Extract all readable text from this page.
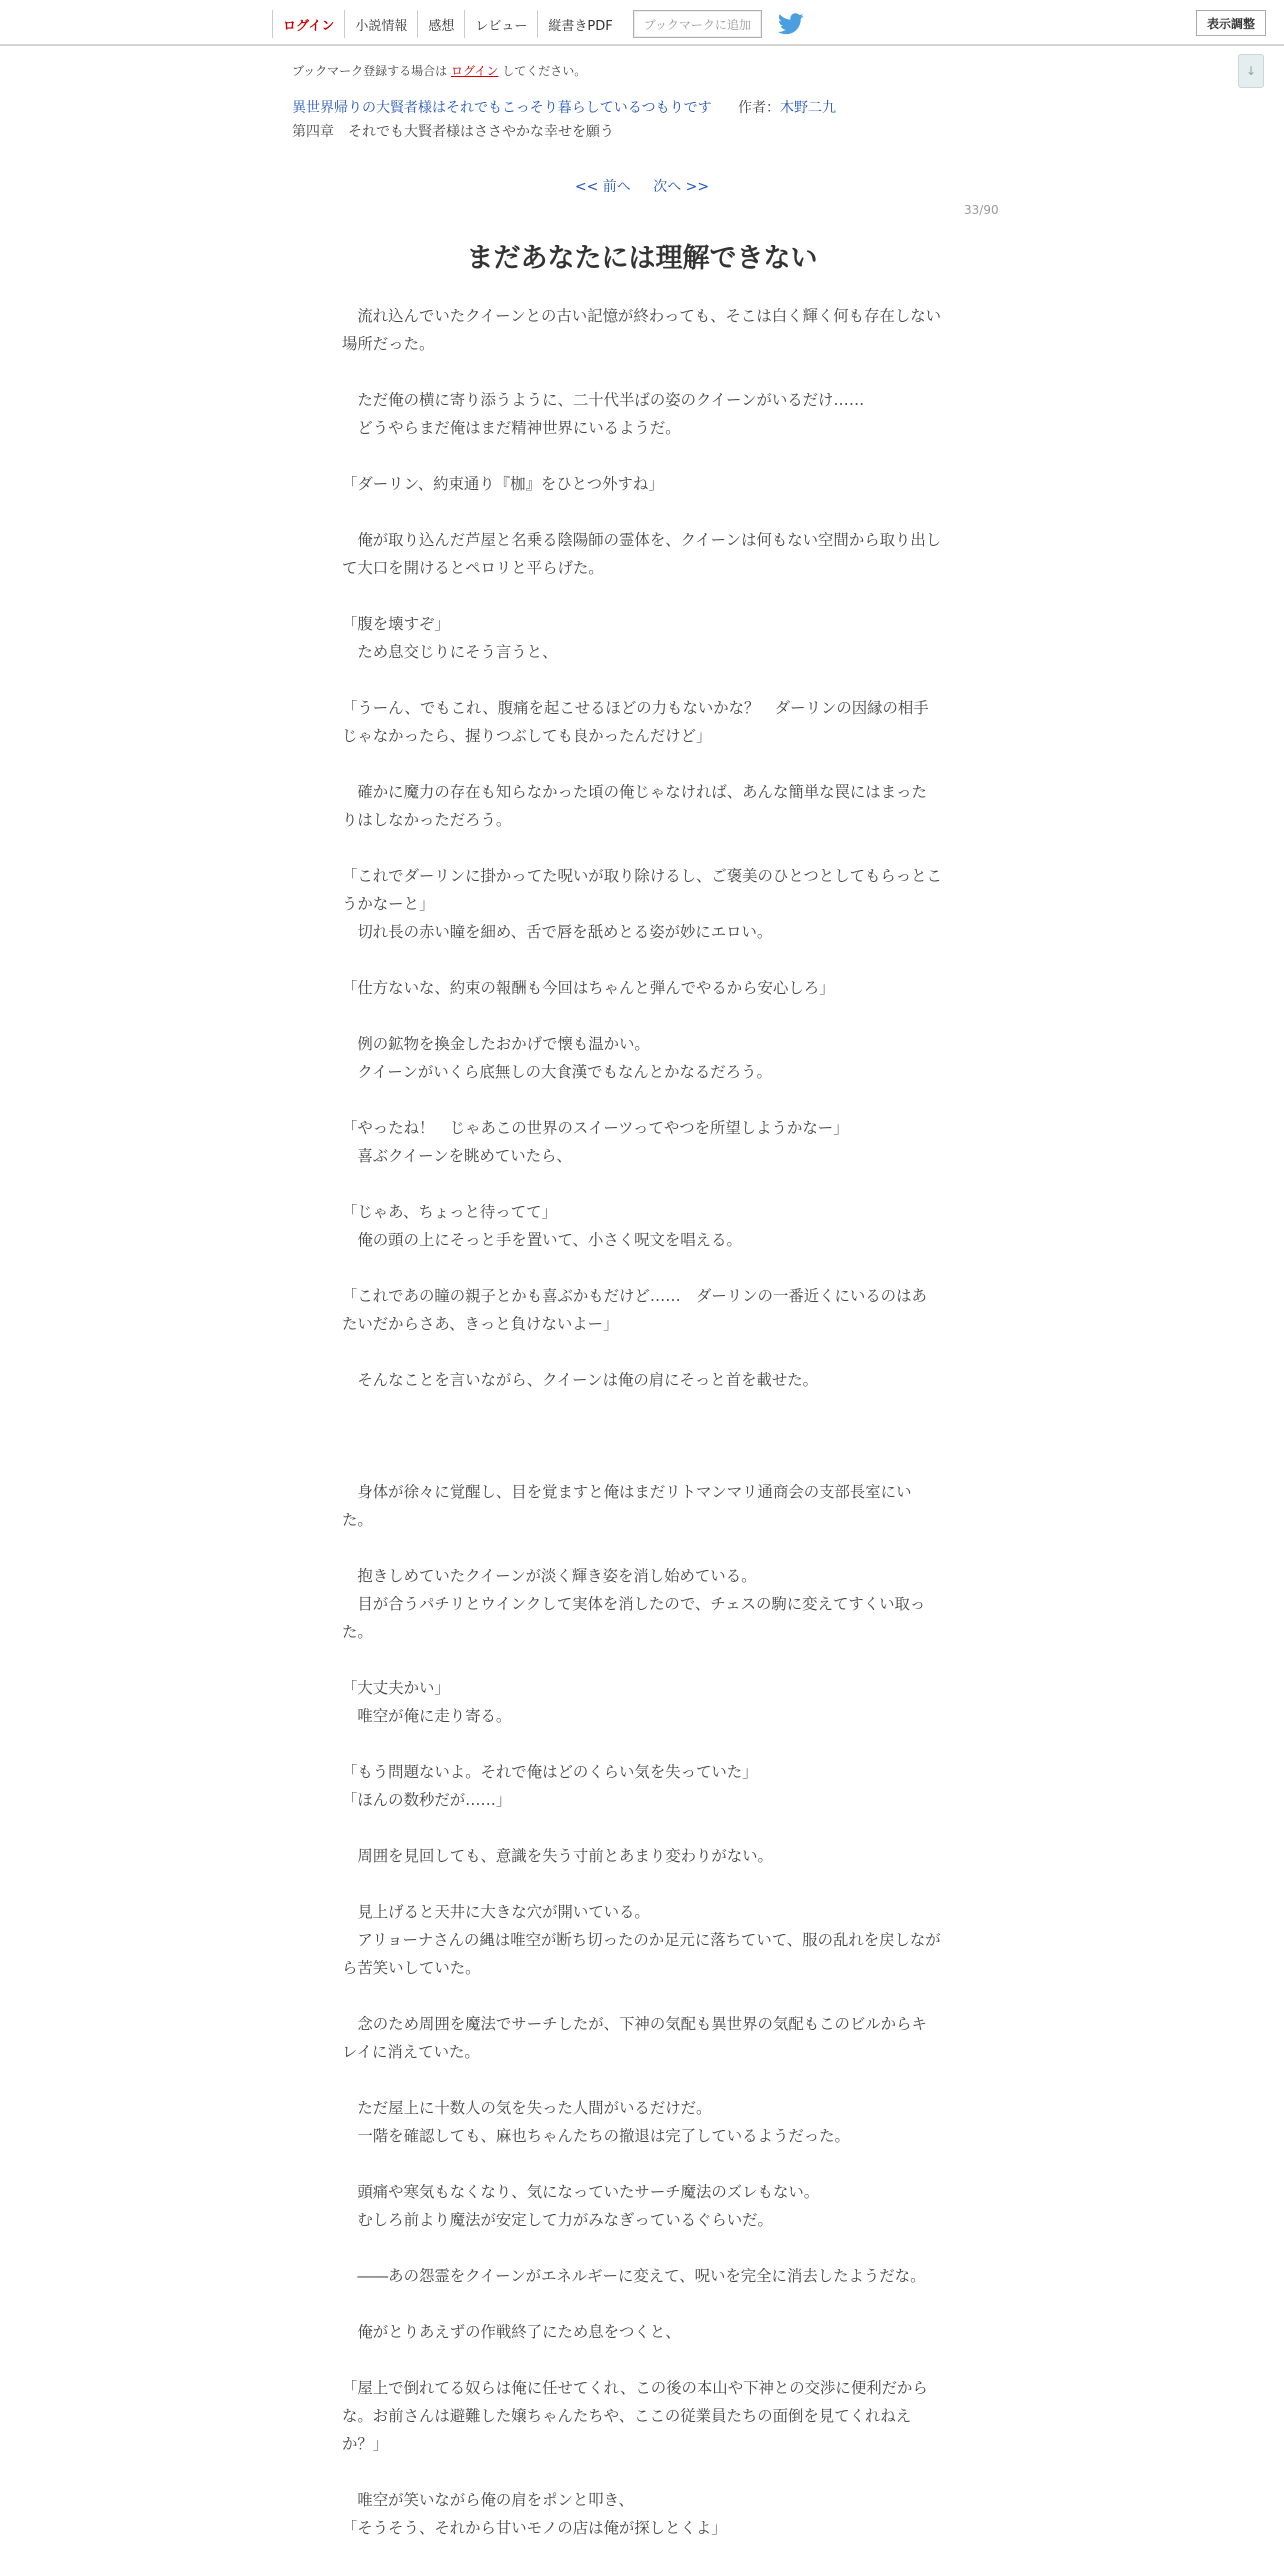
ログイン	小説情報	感想	レビュー	縦書きPDF	ブックマークに追加	表示調整
↓
ブックマーク登録する場合は ログイン してください。
異世界帰りの大賢者様はそれでもこっそり暮らしているつもりです 作者：木野二九
第四章　それでも大賢者様はささやかな幸せを願う
<< 前へ 次へ >>
33/90
まだあなたには理解できない

　流れ込んでいたクイーンとの古い記憶が終わっても、そこは白く輝く何も存在しない場所だった。

　ただ俺の横に寄り添うように、二十代半ばの姿のクイーンがいるだけ……

　どうやらまだ俺はまだ精神世界にいるようだ。

「ダーリン、約束通り『枷』をひとつ外すね」

　俺が取り込んだ芦屋と名乗る陰陽師の霊体を、クイーンは何もない空間から取り出して大口を開けるとペロリと平らげた。

「腹を壊すぞ」

　ため息交じりにそう言うと、

「うーん、でもこれ、腹痛を起こせるほどの力もないかな？　ダーリンの因縁の相手じゃなかったら、握りつぶしても良かったんだけど」

　確かに魔力の存在も知らなかった頃の俺じゃなければ、あんな簡単な罠にはまったりはしなかっただろう。

「これでダーリンに掛かってた呪いが取り除けるし、ご褒美のひとつとしてもらっとこうかなーと」

　切れ長の赤い瞳を細め、舌で唇を舐めとる姿が妙にエロい。

「仕方ないな、約束の報酬も今回はちゃんと弾んでやるから安心しろ」

　例の鉱物を換金したおかげで懐も温かい。

　クイーンがいくら底無しの大食漢でもなんとかなるだろう。

「やったね！　じゃあこの世界のスイーツってやつを所望しようかなー」

　喜ぶクイーンを眺めていたら、

「じゃあ、ちょっと待ってて」

　俺の頭の上にそっと手を置いて、小さく呪文を唱える。

「これであの瞳の親子とかも喜ぶかもだけど……　ダーリンの一番近くにいるのはあたいだからさあ、きっと負けないよー」

　そんなことを言いながら、クイーンは俺の肩にそっと首を載せた。

　身体が徐々に覚醒し、目を覚ますと俺はまだリトマンマリ通商会の支部長室にいた。

　抱きしめていたクイーンが淡く輝き姿を消し始めている。

　目が合うパチリとウインクして実体を消したので、チェスの駒に変えてすくい取った。

「大丈夫かい」

　唯空が俺に走り寄る。

「もう問題ないよ。それで俺はどのくらい気を失っていた」

「ほんの数秒だが……」

　周囲を見回しても、意識を失う寸前とあまり変わりがない。

　見上げると天井に大きな穴が開いている。

　アリョーナさんの縄は唯空が断ち切ったのか足元に落ちていて、服の乱れを戻しながら苦笑いしていた。

　念のため周囲を魔法でサーチしたが、下神の気配も異世界の気配もこのビルからキレイに消えていた。

　ただ屋上に十数人の気を失った人間がいるだけだ。

　一階を確認しても、麻也ちゃんたちの撤退は完了しているようだった。

　頭痛や寒気もなくなり、気になっていたサーチ魔法のズレもない。

　むしろ前より魔法が安定して力がみなぎっているぐらいだ。

　――あの怨霊をクイーンがエネルギーに変えて、呪いを完全に消去したようだな。

　俺がとりあえずの作戦終了にため息をつくと、

「屋上で倒れてる奴らは俺に任せてくれ、この後の本山や下神との交渉に便利だからな。お前さんは避難した嬢ちゃんたちや、ここの従業員たちの面倒を見てくれねえか？」

　唯空が笑いながら俺の肩をポンと叩き、

「そうそう、それから甘いモノの店は俺が探しとくよ」
